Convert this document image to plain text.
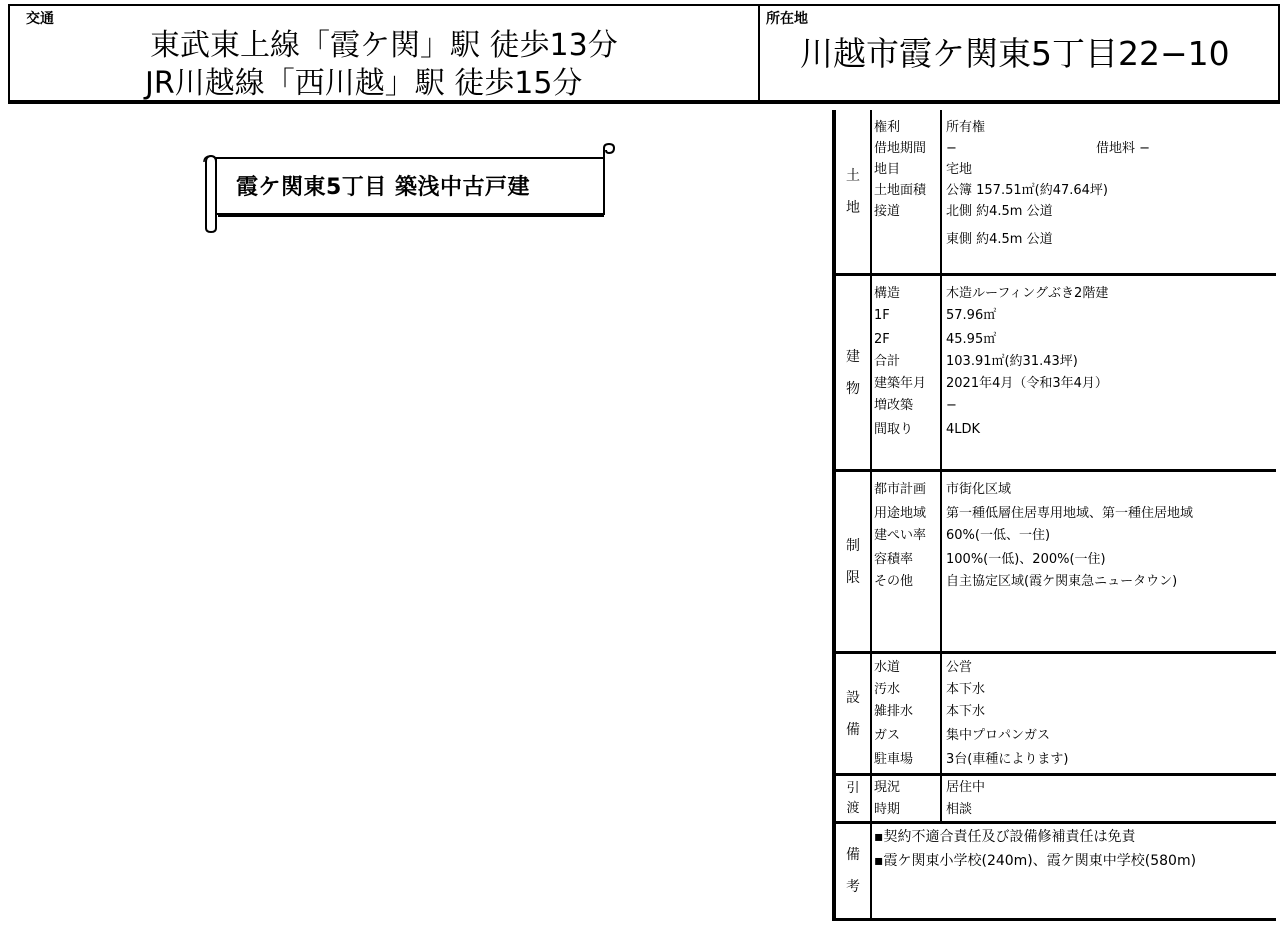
交通
東武東上線「霞ケ関」駅 徒歩13分
JR川越線「西川越」駅 徒歩15分
所在地
川越市霞ケ関東5丁目22−10
霞ケ関東5丁目 築浅中古戸建	土
地
権利
借地期間
地目
土地面積
接道
所有権
−	借地料 −
宅地
公簿 157.51㎡(約47.64坪)
北側 約4.5m 公道
東側 約4.5m 公道
建
物
構造
1F
2F
合計
建築年月
増改築
間取り
木造ルーフィングぶき2階建
57.96㎡
45.95㎡
103.91㎡(約31.43坪)
2021年4月（令和3年4月）
−
4LDK
制
限
都市計画
用途地域
建ぺい率
容積率
その他
市街化区域
第一種低層住居専用地域、第一種住居地域
60%(一低、一住)
100%(一低)、200%(一住)
自主協定区域(霞ケ関東急ニュータウン)
設
備
水道
汚水
雑排水
ガス
駐車場
公営
本下水
本下水
集中プロパンガス
3台(車種によります)
引
渡
現況
時期
居住中
相談
備
考
▪契約不適合責任及び設備修補責任は免責
▪霞ケ関東小学校(240m)、霞ケ関東中学校(580m)
